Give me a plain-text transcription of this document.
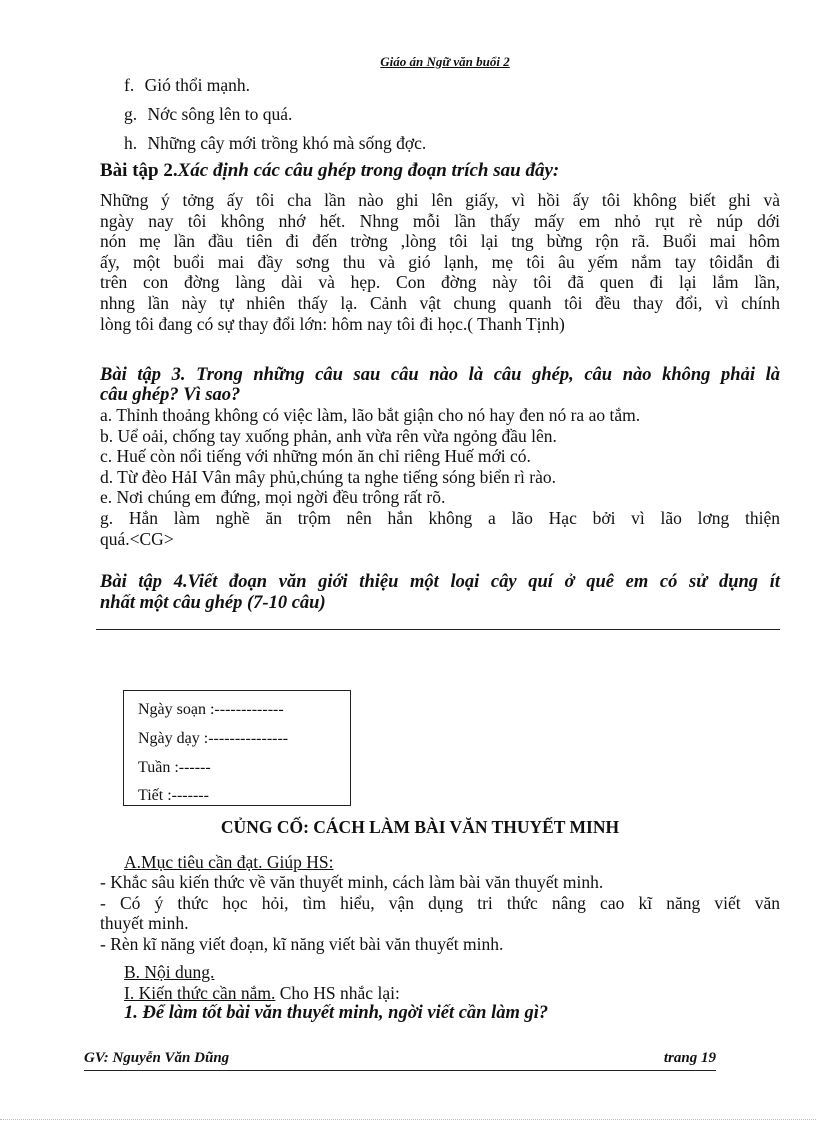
Giáo án Ngữ văn buổi 2
f. Gió thổi mạnh.
g. Nớc sông lên to quá.
h. Những cây mới trồng khó mà sống đợc.
Bài tập 2.Xác định các câu ghép trong đoạn trích sau đây:
Những ý tởng ấy tôi cha lần nào ghi lên giấy, vì hồi ấy tôi không biết ghi và
ngày nay tôi không nhớ hết. Nhng mỗi lần thấy mấy em nhỏ rụt rè núp dới
nón mẹ lần đầu tiên đi đến trờng ,lòng tôi lại tng bừng rộn rã. Buổi mai hôm
ấy, một buổi mai đầy sơng thu và gió lạnh, mẹ tôi âu yếm nắm tay tôidẫn đi
trên con đờng làng dài và hẹp. Con đờng này tôi đã quen đi lại lắm lần,
nhng lần này tự nhiên thấy lạ. Cảnh vật chung quanh tôi đều thay đổi, vì chính
lòng tôi đang có sự thay đổi lớn: hôm nay tôi đi học.( Thanh Tịnh)
Bài tập 3. Trong những câu sau câu nào là câu ghép, câu nào không phải là
câu ghép? Vì sao?
a. Thỉnh thoảng không có việc làm, lão bắt giận cho nó hay đen nó ra ao tắm.
b. Uể oải, chống tay xuống phản, anh vừa rên vừa ngỏng đầu lên.
c. Huế còn nổi tiếng với những món ăn chỉ riêng Huế mới có.
d. Từ đèo HảI Vân mây phủ,chúng ta nghe tiếng sóng biển rì rào.
e. Nơi chúng em đứng, mọi ngời đều trông rất rõ.
g. Hắn làm nghề ăn trộm nên hắn không a lão Hạc bởi vì lão lơng thiện
quá.<CG>
Bài tập 4.Viết đoạn văn giới thiệu một loại cây quí ở quê em có sử dụng ít
nhất một câu ghép (7-10 câu)
Ngày soạn :-------------
Ngày dạy :---------------
Tuần :------
Tiết :-------
CỦNG CỐ: CÁCH LÀM BÀI VĂN THUYẾT MINH
A.Mục tiêu cần đạt. Giúp HS:
- Khắc sâu kiến thức về văn thuyết minh, cách làm bài văn thuyết minh.
- Có ý thức học hỏi, tìm hiểu, vận dụng tri thức nâng cao kĩ năng viết văn
thuyết minh.
- Rèn kĩ năng viết đoạn, kĩ năng viết bài văn thuyết minh.
B. Nội dung.
I. Kiến thức cần nắm. Cho HS nhắc lại:
1. Để làm tốt bài văn thuyết minh, ngời viết cần làm gì?
GV: Nguyễn Văn Dũng	trang 19
